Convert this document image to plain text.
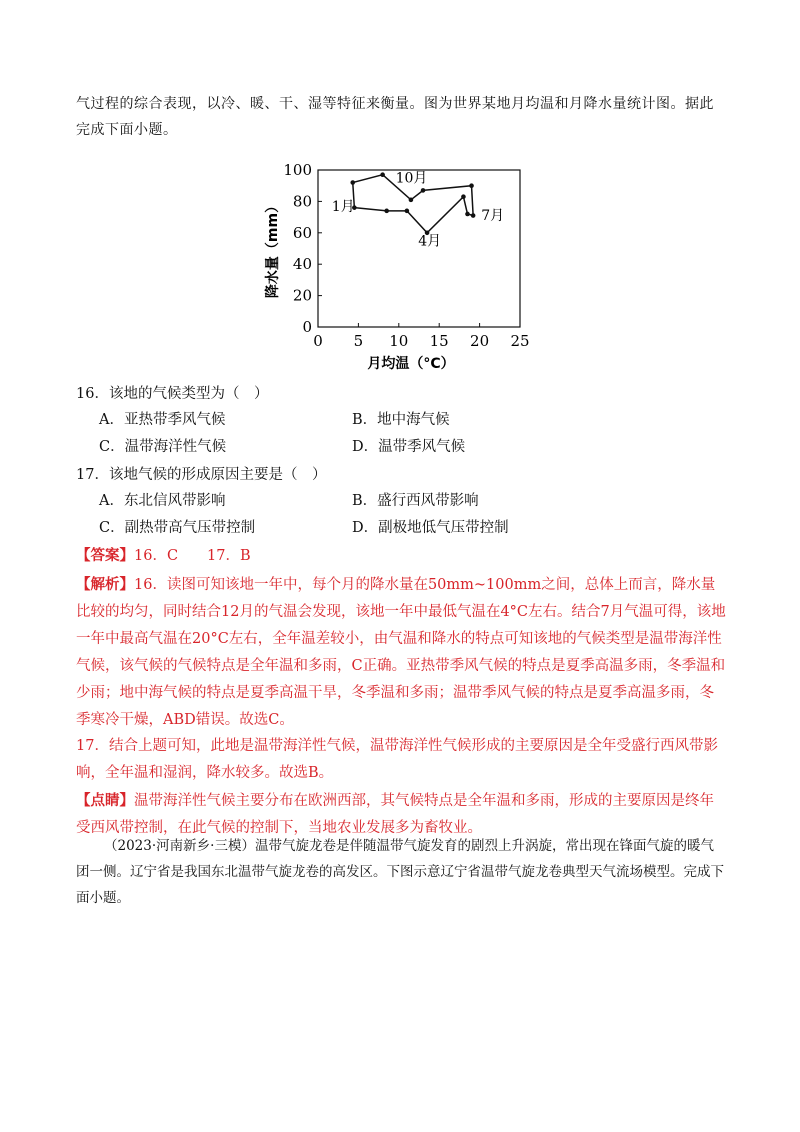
气过程的综合表现，以冷、暖、干、湿等特征来衡量。图为世界某地月均温和月降水量统计图。据此完成下面小题。
0 5 10 15 20 25
0
20
40
60
80
100
月均温（°C）
降水量（mm）	1月
10月
4月
7月
16．该地的气候类型为（　）
A．亚热带季风气候	B．地中海气候
C．温带海洋性气候	D．温带季风气候
17．该地气候的形成原因主要是（　）
A．东北信风带影响	B．盛行西风带影响
C．副热带高气压带控制	D．副极地低气压带控制
【答案】16．C　　17．B
【解析】16．读图可知该地一年中，每个月的降水量在50mm~100mm之间，总体上而言，降水量比较的均匀，同时结合12月的气温会发现，该地一年中最低气温在4°C左右。结合7月气温可得，该地一年中最高气温在20°C左右，全年温差较小，由气温和降水的特点可知该地的气候类型是温带海洋性气候，该气候的气候特点是全年温和多雨，C正确。亚热带季风气候的特点是夏季高温多雨，冬季温和少雨；地中海气候的特点是夏季高温干旱，冬季温和多雨；温带季风气候的特点是夏季高温多雨，冬季寒冷干燥，ABD错误。故选C。
17．结合上题可知，此地是温带海洋性气候，温带海洋性气候形成的主要原因是全年受盛行西风带影响，全年温和湿润，降水较多。故选B。
【点睛】温带海洋性气候主要分布在欧洲西部，其气候特点是全年温和多雨，形成的主要原因是终年受西风带控制，在此气候的控制下，当地农业发展多为畜牧业。
（2023·河南新乡·三模）温带气旋龙卷是伴随温带气旋发育的剧烈上升涡旋，常出现在锋面气旋的暖气团一侧。辽宁省是我国东北温带气旋龙卷的高发区。下图示意辽宁省温带气旋龙卷典型天气流场模型。完成下面小题。
